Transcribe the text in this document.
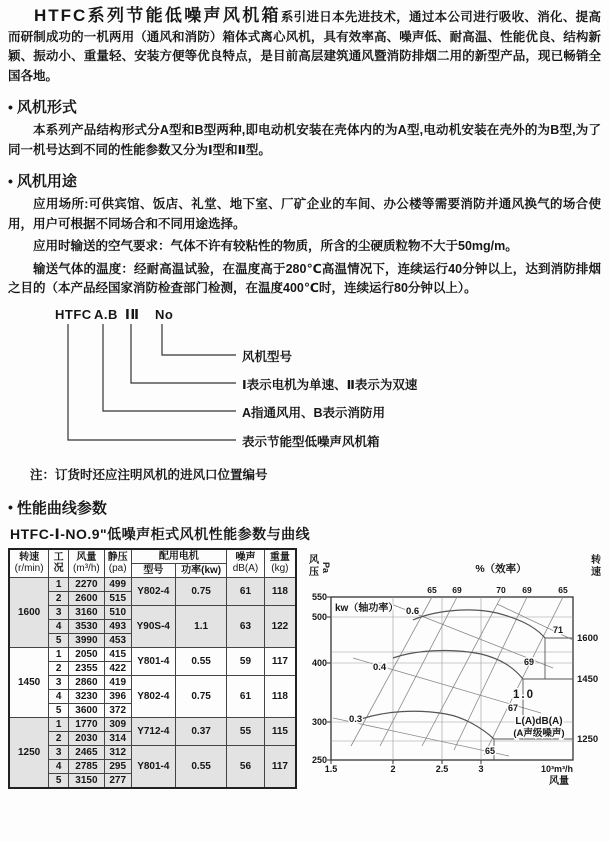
HTFC系列节能低噪声风机箱系引进日本先进技术，通过本公司进行吸收、消化、提高而研制成功的一机两用（通风和消防）箱体式离心风机，具有效率高、噪声低、耐高温、性能优良、结构新颖、振动小、重量轻、安装方便等优良特点，是目前高层建筑通风暨消防排烟二用的新型产品，现已畅销全国各地。

• 风机形式

本系列产品结构形式分A型和B型两种,即电动机安装在壳体内的为A型,电动机安装在壳外的为B型,为了同一机号达到不同的性能参数又分为Ⅰ型和Ⅱ型。

• 风机用途

应用场所:可供宾馆、饭店、礼堂、地下室、厂矿企业的车间、办公楼等需要消防并通风换气的场合使用，用户可根据不同场合和不同用途选择。

应用时输送的空气要求：气体不许有较粘性的物质，所含的尘硬质粒物不大于50mg/m。

输送气体的温度：经耐高温试验，在温度高于280℃高温情况下，连续运行40分钟以上，达到消防排烟之目的（本产品经国家消防检查部门检测，在温度400℃时，连续运行80分钟以上）。

HTFC A.B ⅠⅡ No
风机型号
Ⅰ表示电机为单速、Ⅱ表示为双速
A指通风用、B表示消防用
表示节能型低噪声风机箱

注：订货时还应注明风机的进风口位置编号

• 性能曲线参数
HTFC-Ⅰ-NO.9"低噪声柜式风机性能参数与曲线
转速
(r/min)	工
况	风量
(m³/h)	静压
(pa)	配用电机		噪声
dB(A)	重量
(kg)
				型号	功率(kw)		
1600	1	2270	499	Y802-4	0.75	61	118
	2	2600	515				
	3	3160	510	Y90S-4	1.1	63	122
	4	3530	493				
	5	3990	453				
1450	1	2050	415	Y801-4	0.55	59	117
	2	2355	422				
	3	2860	419	Y802-4	0.75	61	118
	4	3230	396				
	5	3600	372				
1250	1	1770	309	Y712-4	0.37	55	115
	2	2030	314				
	3	2465	312	Y801-4	0.55	56	117
	4	2785	295				
	5	3150	277				
风
压 Pa
转
速
%（效率）
65 69	70 69	65
550
500
400
300
250
1.5	2	2.5	3	10³m³/h
风量
kw（轴功率） 0.6
0.4
0.3
1.0
71
69
67
65
L(A)dB(A)
(A声级噪声)
1600
1450
1250
